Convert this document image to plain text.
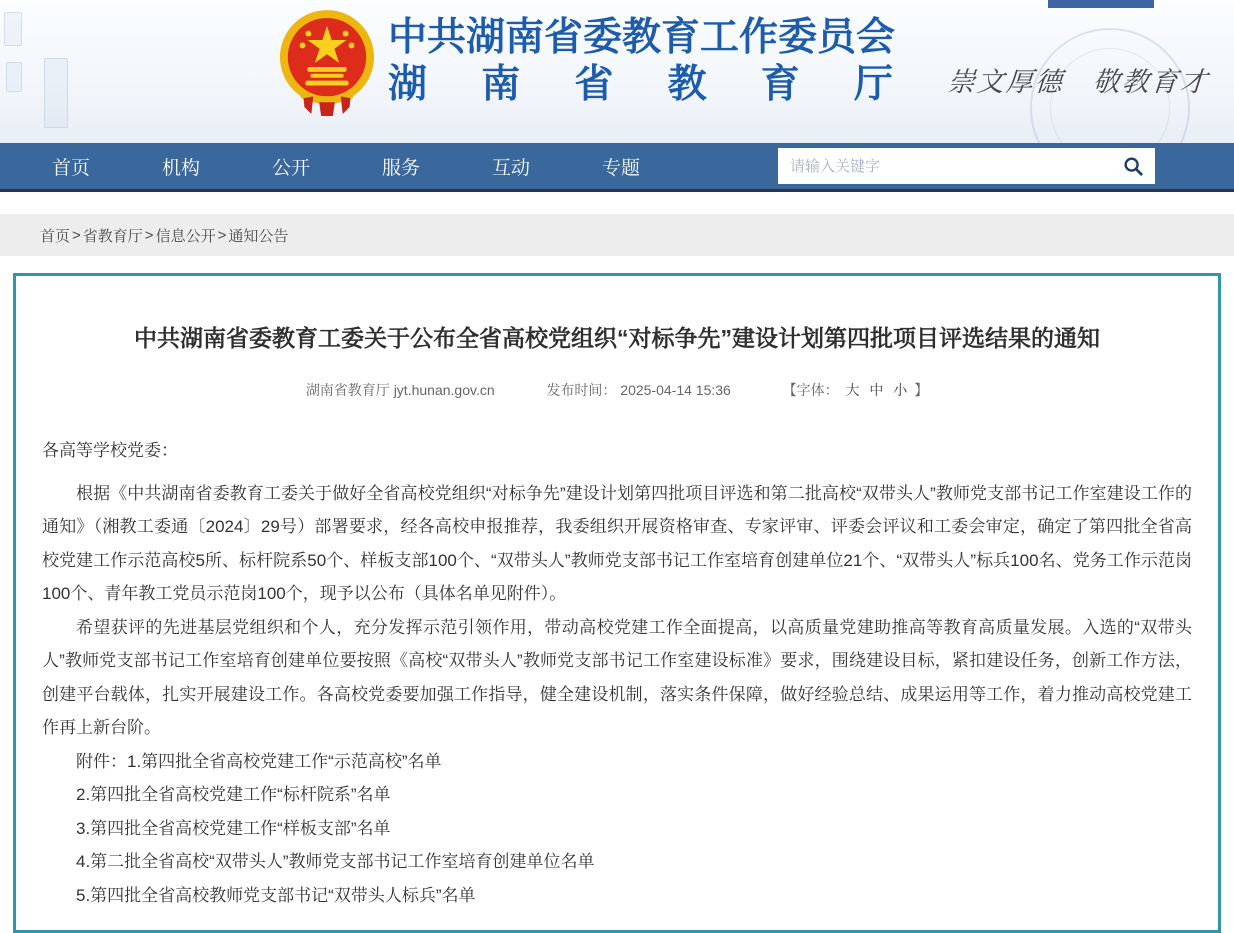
中共湖南省委教育工作委员会
湖南省教育厅 崇文厚德　敬教育才
首页	机构	公开	服务	互动	专题
请输入关键字
首页 > 省教育厅 > 信息公开 > 通知公告
中共湖南省委教育工委关于公布全省高校党组织“对标争先”建设计划第四批项目评选结果的通知
湖南省教育厅 jyt.hunan.gov.cn	发布时间： 2025-04-14 15:36	【字体： 大 中 小 】

各高等学校党委：

根据《中共湖南省委教育工委关于做好全省高校党组织“对标争先”建设计划第四批项目评选和第二批高校“双带头人”教师党支部书记工作室建设工作的通知》（湘教工委通〔2024〕29号）部署要求，经各高校申报推荐，我委组织开展资格审查、专家评审、评委会评议和工委会审定，确定了第四批全省高校党建工作示范高校5所、标杆院系50个、样板支部100个、“双带头人”教师党支部书记工作室培育创建单位21个、“双带头人”标兵100名、党务工作示范岗100个、青年教工党员示范岗100个，现予以公布（具体名单见附件）。

希望获评的先进基层党组织和个人，充分发挥示范引领作用，带动高校党建工作全面提高，以高质量党建助推高等教育高质量发展。入选的“双带头人”教师党支部书记工作室培育创建单位要按照《高校“双带头人”教师党支部书记工作室建设标准》要求，围绕建设目标，紧扣建设任务，创新工作方法，创建平台载体，扎实开展建设工作。各高校党委要加强工作指导，健全建设机制，落实条件保障，做好经验总结、成果运用等工作，着力推动高校党建工作再上新台阶。

附件：1.第四批全省高校党建工作“示范高校”名单

2.第四批全省高校党建工作“标杆院系”名单

3.第四批全省高校党建工作“样板支部”名单

4.第二批全省高校“双带头人”教师党支部书记工作室培育创建单位名单

5.第四批全省高校教师党支部书记“双带头人标兵”名单
